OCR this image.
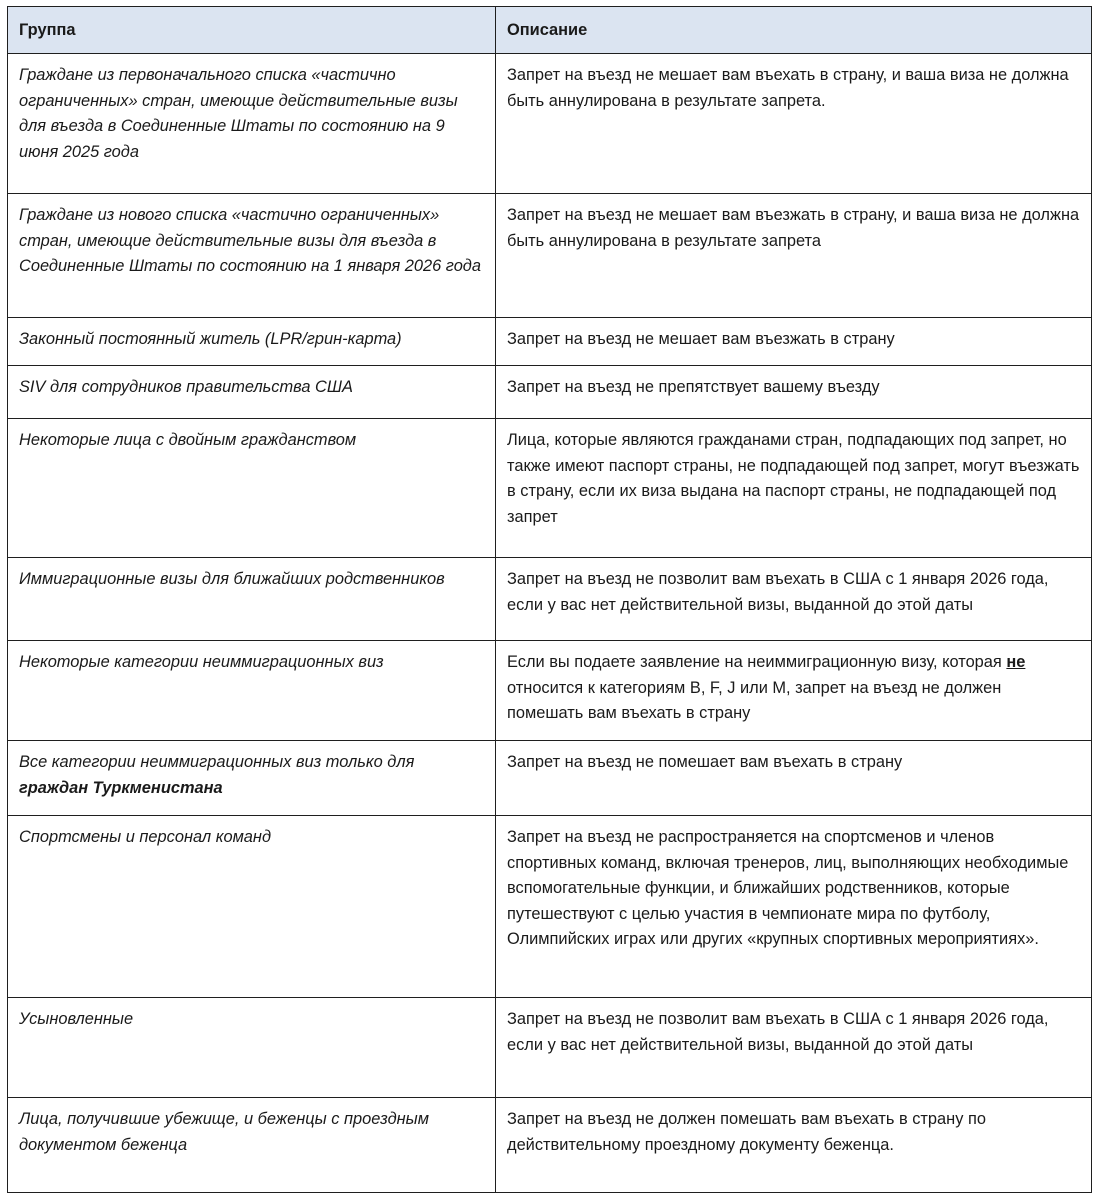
Группа	Описание
Граждане из первоначального списка «частично ограниченных» стран, имеющие действительные визы для въезда в Соединенные Штаты по состоянию на 9 июня 2025 года	Запрет на въезд не мешает вам въехать в страну, и ваша виза не должна быть аннулирована в результате запрета.
Граждане из нового списка «частично ограниченных» стран, имеющие действительные визы для въезда в Соединенные Штаты по состоянию на 1 января 2026 года	Запрет на въезд не мешает вам въезжать в страну, и ваша виза не должна быть аннулирована в результате запрета
Законный постоянный житель (LPR/грин-карта)	Запрет на въезд не мешает вам въезжать в страну
SIV для сотрудников правительства США	Запрет на въезд не препятствует вашему въезду
Некоторые лица с двойным гражданством	Лица, которые являются гражданами стран, подпадающих под запрет, но также имеют паспорт страны, не подпадающей под запрет, могут въезжать в страну, если их виза выдана на паспорт страны, не подпадающей под запрет
Иммиграционные визы для ближайших родственников	Запрет на въезд не позволит вам въехать в США с 1 января 2026 года, если у вас нет действительной визы, выданной до этой даты
Некоторые категории неиммиграционных виз	Если вы подаете заявление на неиммиграционную визу, которая не относится к категориям B, F, J или M, запрет на въезд не должен помешать вам въехать в страну
Все категории неиммиграционных виз только для граждан Туркменистана	Запрет на въезд не помешает вам въехать в страну
Спортсмены и персонал команд	Запрет на въезд не распространяется на спортсменов и членов спортивных команд, включая тренеров, лиц, выполняющих необходимые вспомогательные функции, и ближайших родственников, которые путешествуют с целью участия в чемпионате мира по футболу, Олимпийских играх или других «крупных спортивных мероприятиях».
Усыновленные	Запрет на въезд не позволит вам въехать в США с 1 января 2026 года, если у вас нет действительной визы, выданной до этой даты
Лица, получившие убежище, и беженцы с проездным документом беженца	Запрет на въезд не должен помешать вам въехать в страну по действительному проездному документу беженца.
